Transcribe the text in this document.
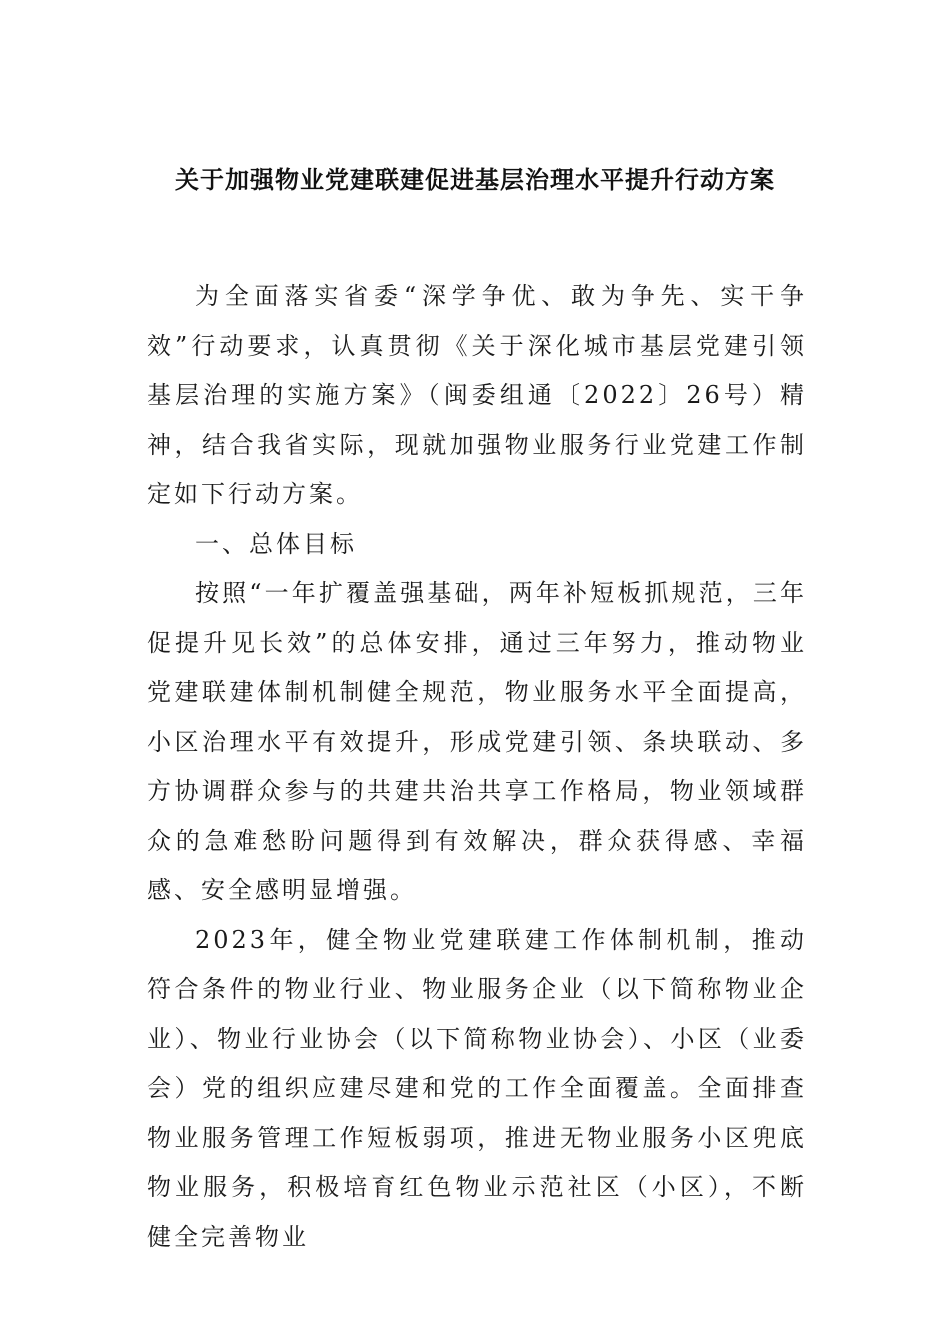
关于加强物业党建联建促进基层治理水平提升行动方案

为全面落实省委“深学争优、敢为争先、实干争效”行动要求，认真贯彻《关于深化城市基层党建引领基层治理的实施方案》（闽委组通〔2022〕26号）精神，结合我省实际，现就加强物业服务行业党建工作制定如下行动方案。

一、总体目标

按照“一年扩覆盖强基础，两年补短板抓规范，三年促提升见长效”的总体安排，通过三年努力，推动物业党建联建体制机制健全规范，物业服务水平全面提高，小区治理水平有效提升，形成党建引领、条块联动、多方协调群众参与的共建共治共享工作格局，物业领域群众的急难愁盼问题得到有效解决，群众获得感、幸福感、安全感明显增强。

2023年，健全物业党建联建工作体制机制，推动符合条件的物业行业、物业服务企业（以下简称物业企业）、物业行业协会（以下简称物业协会）、小区（业委会）党的组织应建尽建和党的工作全面覆盖。全面排查物业服务管理工作短板弱项，推进无物业服务小区兜底物业服务，积极培育红色物业示范社区（小区），不断健全完善物业
